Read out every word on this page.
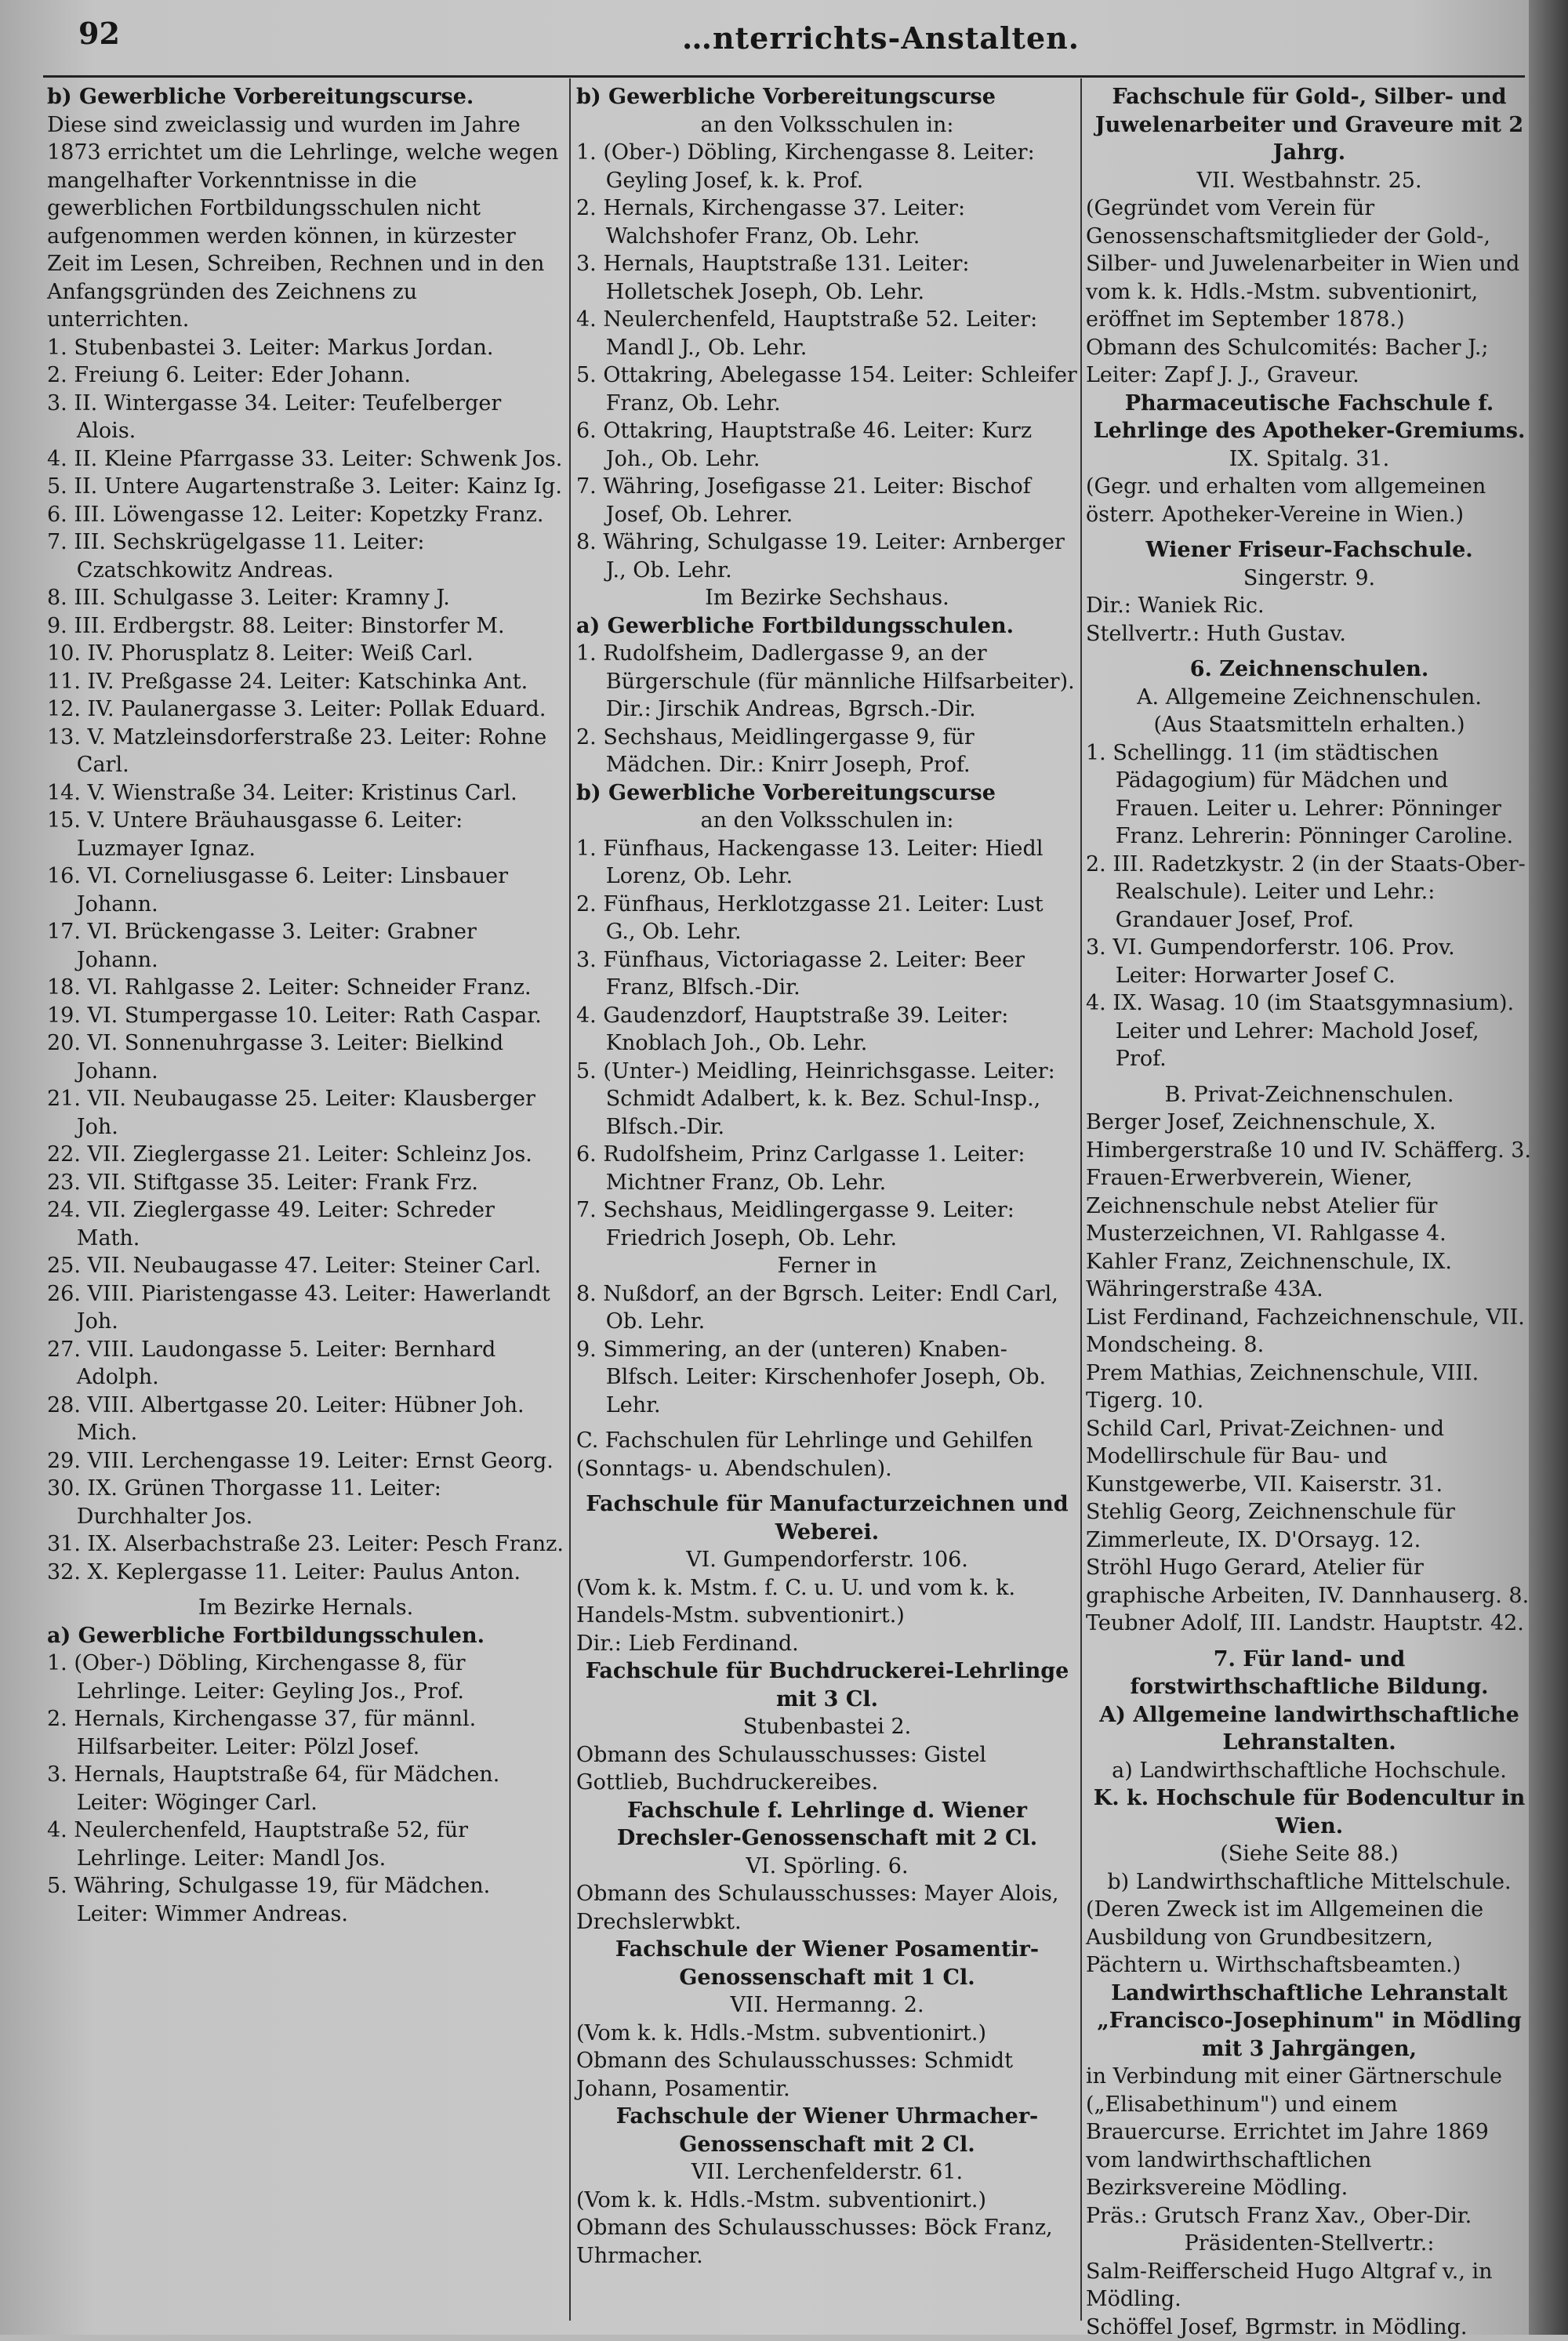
92	…nterrichts-Anstalten.
b) Gewerbliche Vorbereitungscurse.
Diese sind zweiclassig und wurden im Jahre 1873 errichtet um die Lehrlinge, welche wegen mangelhafter Vorkenntnisse in die gewerblichen Fortbildungsschulen nicht aufgenommen werden können, in kürzester Zeit im Lesen, Schreiben, Rechnen und in den Anfangsgründen des Zeichnens zu unterrichten.
1. Stubenbastei 3. Leiter: Markus Jordan.
2. Freiung 6. Leiter: Eder Johann.
3. II. Wintergasse 34. Leiter: Teufelberger Alois.
4. II. Kleine Pfarrgasse 33. Leiter: Schwenk Jos.
5. II. Untere Augartenstraße 3. Leiter: Kainz Ig.
6. III. Löwengasse 12. Leiter: Kopetzky Franz.
7. III. Sechskrügelgasse 11. Leiter: Czatschkowitz Andreas.
8. III. Schulgasse 3. Leiter: Kramny J.
9. III. Erdbergstr. 88. Leiter: Binstorfer M.
10. IV. Phorusplatz 8. Leiter: Weiß Carl.
11. IV. Preßgasse 24. Leiter: Katschinka Ant.
12. IV. Paulanergasse 3. Leiter: Pollak Eduard.
13. V. Matzleinsdorferstraße 23. Leiter: Rohne Carl.
14. V. Wienstraße 34. Leiter: Kristinus Carl.
15. V. Untere Bräuhausgasse 6. Leiter: Luzmayer Ignaz.
16. VI. Corneliusgasse 6. Leiter: Linsbauer Johann.
17. VI. Brückengasse 3. Leiter: Grabner Johann.
18. VI. Rahlgasse 2. Leiter: Schneider Franz.
19. VI. Stumpergasse 10. Leiter: Rath Caspar.
20. VI. Sonnenuhrgasse 3. Leiter: Bielkind Johann.
21. VII. Neubaugasse 25. Leiter: Klausberger Joh.
22. VII. Zieglergasse 21. Leiter: Schleinz Jos.
23. VII. Stiftgasse 35. Leiter: Frank Frz.
24. VII. Zieglergasse 49. Leiter: Schreder Math.
25. VII. Neubaugasse 47. Leiter: Steiner Carl.
26. VIII. Piaristengasse 43. Leiter: Hawerlandt Joh.
27. VIII. Laudongasse 5. Leiter: Bernhard Adolph.
28. VIII. Albertgasse 20. Leiter: Hübner Joh. Mich.
29. VIII. Lerchengasse 19. Leiter: Ernst Georg.
30. IX. Grünen Thorgasse 11. Leiter: Durchhalter Jos.
31. IX. Alserbachstraße 23. Leiter: Pesch Franz.
32. X. Keplergasse 11. Leiter: Paulus Anton.
Im Bezirke Hernals.
a) Gewerbliche Fortbildungsschulen.
1. (Ober-) Döbling, Kirchengasse 8, für Lehrlinge. Leiter: Geyling Jos., Prof.
2. Hernals, Kirchengasse 37, für männl. Hilfsarbeiter. Leiter: Pölzl Josef.
3. Hernals, Hauptstraße 64, für Mädchen. Leiter: Wöginger Carl.
4. Neulerchenfeld, Hauptstraße 52, für Lehrlinge. Leiter: Mandl Jos.
5. Währing, Schulgasse 19, für Mädchen. Leiter: Wimmer Andreas.
b) Gewerbliche Vorbereitungscurse
an den Volksschulen in:
1. (Ober-) Döbling, Kirchengasse 8. Leiter: Geyling Josef, k. k. Prof.
2. Hernals, Kirchengasse 37. Leiter: Walchshofer Franz, Ob. Lehr.
3. Hernals, Hauptstraße 131. Leiter: Holletschek Joseph, Ob. Lehr.
4. Neulerchenfeld, Hauptstraße 52. Leiter: Mandl J., Ob. Lehr.
5. Ottakring, Abelegasse 154. Leiter: Schleifer Franz, Ob. Lehr.
6. Ottakring, Hauptstraße 46. Leiter: Kurz Joh., Ob. Lehr.
7. Währing, Josefigasse 21. Leiter: Bischof Josef, Ob. Lehrer.
8. Währing, Schulgasse 19. Leiter: Arnberger J., Ob. Lehr.
Im Bezirke Sechshaus.
a) Gewerbliche Fortbildungsschulen.
1. Rudolfsheim, Dadlergasse 9, an der Bürgerschule (für männliche Hilfsarbeiter). Dir.: Jirschik Andreas, Bgrsch.-Dir.
2. Sechshaus, Meidlingergasse 9, für Mädchen. Dir.: Knirr Joseph, Prof.
b) Gewerbliche Vorbereitungscurse
an den Volksschulen in:
1. Fünfhaus, Hackengasse 13. Leiter: Hiedl Lorenz, Ob. Lehr.
2. Fünfhaus, Herklotzgasse 21. Leiter: Lust G., Ob. Lehr.
3. Fünfhaus, Victoriagasse 2. Leiter: Beer Franz, Blfsch.-Dir.
4. Gaudenzdorf, Hauptstraße 39. Leiter: Knoblach Joh., Ob. Lehr.
5. (Unter-) Meidling, Heinrichsgasse. Leiter: Schmidt Adalbert, k. k. Bez. Schul-Insp., Blfsch.-Dir.
6. Rudolfsheim, Prinz Carlgasse 1. Leiter: Michtner Franz, Ob. Lehr.
7. Sechshaus, Meidlingergasse 9. Leiter: Friedrich Joseph, Ob. Lehr.
Ferner in
8. Nußdorf, an der Bgrsch. Leiter: Endl Carl, Ob. Lehr.
9. Simmering, an der (unteren) Knaben-Blfsch. Leiter: Kirschenhofer Joseph, Ob. Lehr.
C. Fachschulen für Lehrlinge und Gehilfen (Sonntags- u. Abendschulen).
Fachschule für Manufacturzeichnen und Weberei.
VI. Gumpendorferstr. 106.
(Vom k. k. Mstm. f. C. u. U. und vom k. k. Handels-Mstm. subventionirt.)
Dir.: Lieb Ferdinand.
Fachschule für Buchdruckerei-Lehrlinge mit 3 Cl.
Stubenbastei 2.
Obmann des Schulausschusses: Gistel Gottlieb, Buchdruckereibes.
Fachschule f. Lehrlinge d. Wiener Drechsler-Genossenschaft mit 2 Cl.
VI. Spörling. 6.
Obmann des Schulausschusses: Mayer Alois, Drechslerwbkt.
Fachschule der Wiener Posamentir-Genossenschaft mit 1 Cl.
VII. Hermanng. 2.
(Vom k. k. Hdls.-Mstm. subventionirt.)
Obmann des Schulausschusses: Schmidt Johann, Posamentir.
Fachschule der Wiener Uhrmacher-Genossenschaft mit 2 Cl.
VII. Lerchenfelderstr. 61.
(Vom k. k. Hdls.-Mstm. subventionirt.)
Obmann des Schulausschusses: Böck Franz, Uhrmacher.
Fachschule für Gold-, Silber- und Juwelenarbeiter und Graveure mit 2 Jahrg.
VII. Westbahnstr. 25.
(Gegründet vom Verein für Genossenschaftsmitglieder der Gold-, Silber- und Juwelenarbeiter in Wien und vom k. k. Hdls.-Mstm. subventionirt, eröffnet im September 1878.)
Obmann des Schulcomités: Bacher J.; Leiter: Zapf J. J., Graveur.
Pharmaceutische Fachschule f. Lehrlinge des Apotheker-Gremiums.
IX. Spitalg. 31.
(Gegr. und erhalten vom allgemeinen österr. Apotheker-Vereine in Wien.)
Wiener Friseur-Fachschule.
Singerstr. 9.
Dir.: Waniek Ric.
Stellvertr.: Huth Gustav.
6. Zeichnenschulen.
A. Allgemeine Zeichnenschulen.
(Aus Staatsmitteln erhalten.)
1. Schellingg. 11 (im städtischen Pädagogium) für Mädchen und Frauen. Leiter u. Lehrer: Pönninger Franz. Lehrerin: Pönninger Caroline.
2. III. Radetzkystr. 2 (in der Staats-Ober-Realschule). Leiter und Lehr.: Grandauer Josef, Prof.
3. VI. Gumpendorferstr. 106. Prov. Leiter: Horwarter Josef C.
4. IX. Wasag. 10 (im Staatsgymnasium). Leiter und Lehrer: Machold Josef, Prof.
B. Privat-Zeichnenschulen.
Berger Josef, Zeichnenschule, X. Himbergerstraße 10 und IV. Schäfferg. 3.
Frauen-Erwerbverein, Wiener, Zeichnenschule nebst Atelier für Musterzeichnen, VI. Rahlgasse 4.
Kahler Franz, Zeichnenschule, IX. Währingerstraße 43A.
List Ferdinand, Fachzeichnenschule, VII. Mondscheing. 8.
Prem Mathias, Zeichnenschule, VIII. Tigerg. 10.
Schild Carl, Privat-Zeichnen- und Modellirschule für Bau- und Kunstgewerbe, VII. Kaiserstr. 31.
Stehlig Georg, Zeichnenschule für Zimmerleute, IX. D'Orsayg. 12.
Ströhl Hugo Gerard, Atelier für graphische Arbeiten, IV. Dannhauserg. 8.
Teubner Adolf, III. Landstr. Hauptstr. 42.
7. Für land- und forstwirthschaftliche Bildung.
A) Allgemeine landwirthschaftliche Lehranstalten.
a) Landwirthschaftliche Hochschule.
K. k. Hochschule für Bodencultur in Wien.
(Siehe Seite 88.)
b) Landwirthschaftliche Mittelschule.
(Deren Zweck ist im Allgemeinen die Ausbildung von Grundbesitzern, Pächtern u. Wirthschaftsbeamten.)
Landwirthschaftliche Lehranstalt „Francisco-Josephinum" in Mödling mit 3 Jahrgängen,
in Verbindung mit einer Gärtnerschule („Elisabethinum") und einem Brauercurse. Errichtet im Jahre 1869 vom landwirthschaftlichen Bezirksvereine Mödling.
Präs.: Grutsch Franz Xav., Ober-Dir.
Präsidenten-Stellvertr.:
Salm-Reifferscheid Hugo Altgraf v., in Mödling.
Schöffel Josef, Bgrmstr. in Mödling.
